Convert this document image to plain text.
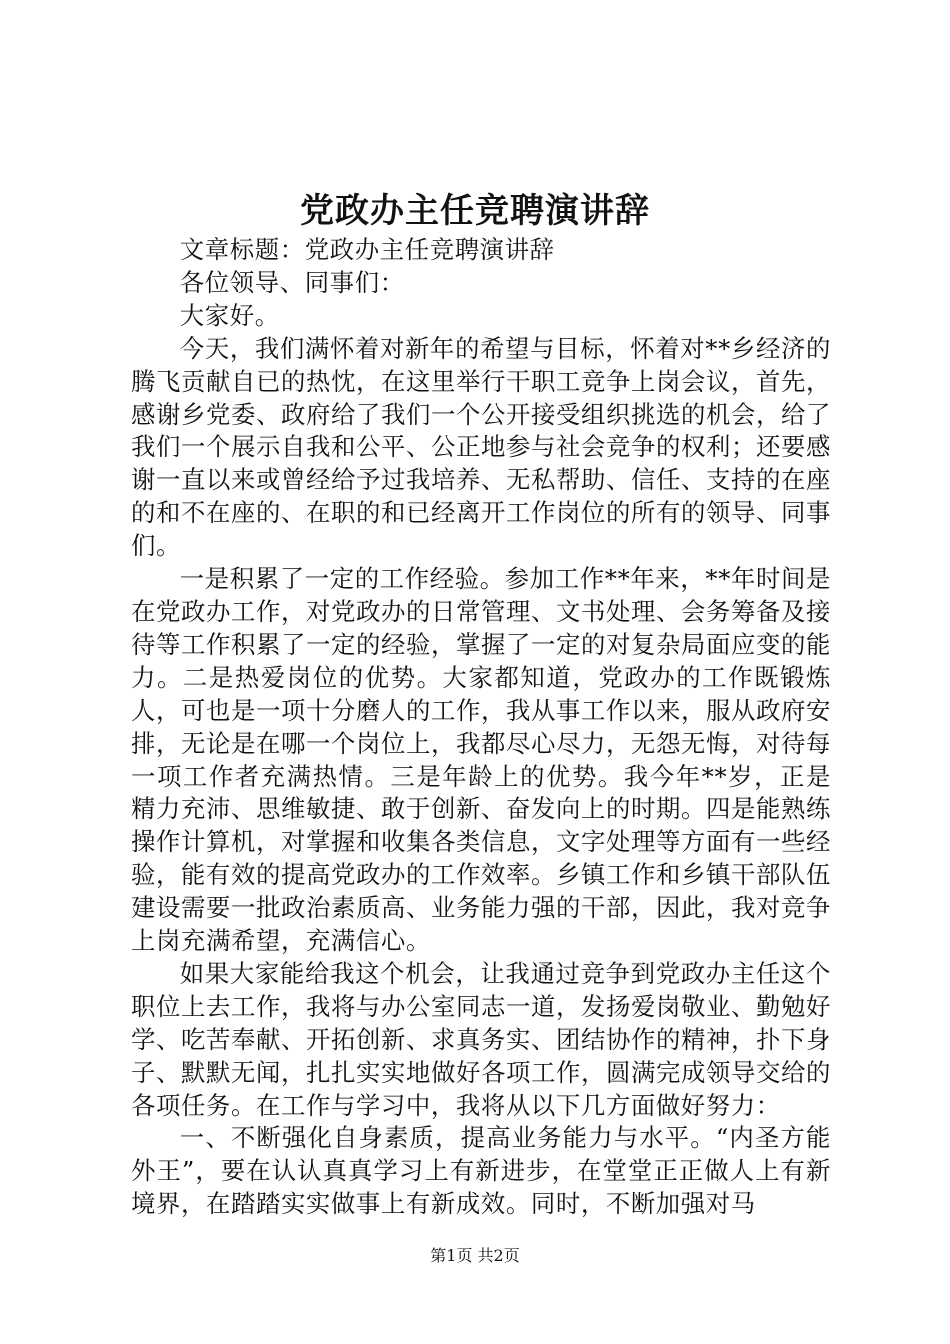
党政办主任竞聘演讲辞

文章标题：党政办主任竞聘演讲辞

各位领导、同事们：

大家好。

今天，我们满怀着对新年的希望与目标，怀着对**乡经济的腾飞贡献自已的热忱，在这里举行干职工竞争上岗会议，首先，感谢乡党委、政府给了我们一个公开接受组织挑选的机会，给了我们一个展示自我和公平、公正地参与社会竞争的权利；还要感谢一直以来或曾经给予过我培养、无私帮助、信任、支持的在座的和不在座的、在职的和已经离开工作岗位的所有的领导、同事们。

一是积累了一定的工作经验。参加工作**年来，**年时间是在党政办工作，对党政办的日常管理、文书处理、会务筹备及接待等工作积累了一定的经验，掌握了一定的对复杂局面应变的能力。二是热爱岗位的优势。大家都知道，党政办的工作既锻炼人，可也是一项十分磨人的工作，我从事工作以来，服从政府安排，无论是在哪一个岗位上，我都尽心尽力，无怨无悔，对待每一项工作者充满热情。三是年龄上的优势。我今年**岁，正是精力充沛、思维敏捷、敢于创新、奋发向上的时期。四是能熟练操作计算机，对掌握和收集各类信息，文字处理等方面有一些经验，能有效的提高党政办的工作效率。乡镇工作和乡镇干部队伍建设需要一批政治素质高、业务能力强的干部，因此，我对竞争上岗充满希望，充满信心。

如果大家能给我这个机会，让我通过竞争到党政办主任这个职位上去工作，我将与办公室同志一道，发扬爱岗敬业、勤勉好学、吃苦奉献、开拓创新、求真务实、团结协作的精神，扑下身子、默默无闻，扎扎实实地做好各项工作，圆满完成领导交给的各项任务。在工作与学习中，我将从以下几方面做好努力：

一、不断强化自身素质，提高业务能力与水平。“内圣方能外王”，要在认认真真学习上有新进步，在堂堂正正做人上有新境界，在踏踏实实做事上有新成效。同时，不断加强对马

第1页 共2页
